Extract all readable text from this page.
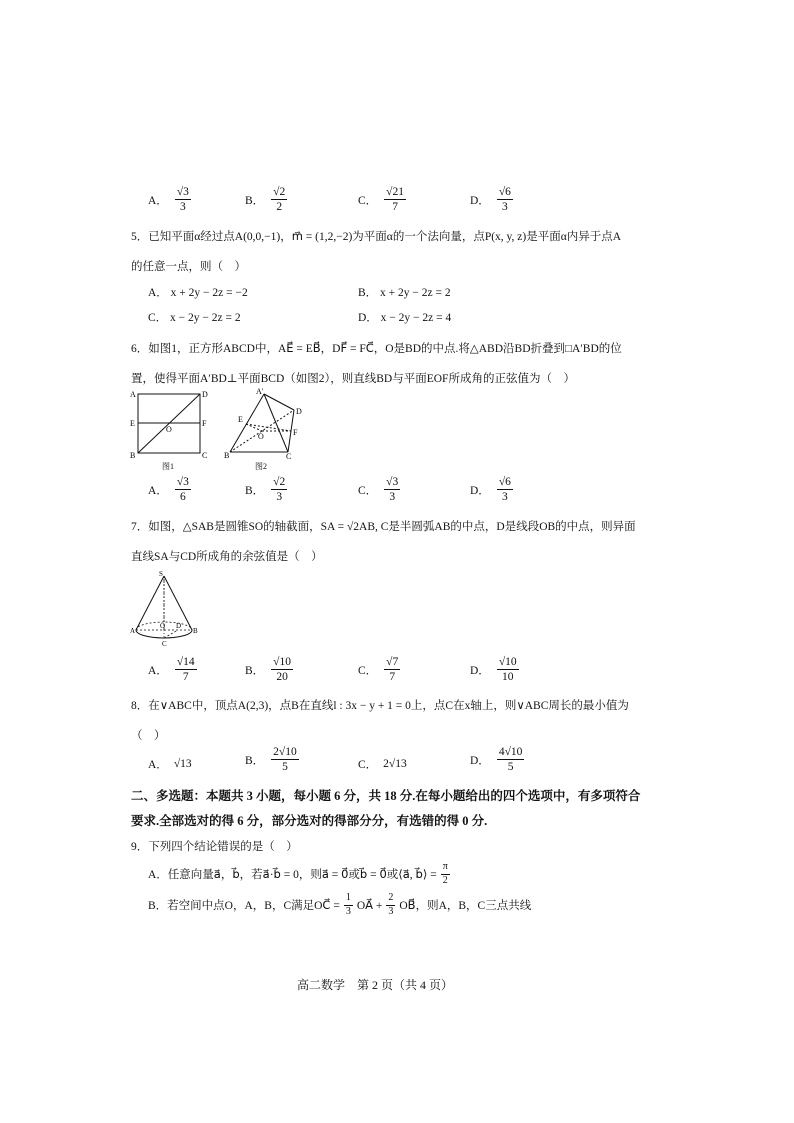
A． $\frac{√3}{3}$	B． $\frac{√2}{2}$	C． $\frac{√21}{7}$	D． $\frac{√6}{3}$
5．已知平面α经过点A(0,0,−1)，m⃗ = (1,2,−2)为平面α的一个法向量，点P(x, y, z)是平面α内异于点A
的任意一点，则（　）
A． x + 2y − 2z = −2	B． x + 2y − 2z = 2
C． x − 2y − 2z = 2	D． x − 2y − 2z = 4
6．如图1，正方形ABCD中，AE⃗ = EB⃗，DF⃗ = FC⃗，O是BD的中点.将△ABD沿BD折叠到□A′BD的位
置，使得平面A′BD⊥平面BCD（如图2），则直线BD与平面EOF所成角的正弦值为（　）
A	D
E	F
O
B	C
图1
A′
D
E
F
O
B	C
图2
A． $\frac{√3}{6}$	B． $\frac{√2}{3}$	C． $\frac{√3}{3}$	D． $\frac{√6}{3}$
7．如图，△SAB是圆锥SO的轴截面，SA = √2AB, C是半圆弧AB的中点，D是线段OB的中点，则异面
直线SA与CD所成角的余弦值是（　）
S
A	B
O D
C
A． $\frac{√14}{7}$	B． $\frac{√10}{20}$	C． $\frac{√7}{7}$	D． $\frac{√10}{10}$
8．在∨ABC中，顶点A(2,3)，点B在直线l : 3x − y + 1 = 0上，点C在x轴上，则∨ABC周长的最小值为
（　）
A． √13	B． $\frac{2√10}{5}$	C． 2√13	D． $\frac{4√10}{5}$
二、多选题：本题共 3 小题，每小题 6 分，共 18 分.在每小题给出的四个选项中，有多项符合
要求.全部选对的得 6 分，部分选对的得部分分，有选错的得 0 分.
9．下列四个结论错误的是（　）
A．任意向量a⃗，b⃗，若a⃗·b⃗ = 0，则a⃗ = 0⃗或b⃗ = 0⃗或⟨a⃗, b⃗⟩ = $\frac{\pi}{2}$
B．若空间中点O，A，B，C满足OC⃗ = $\frac{1}{3}$ OA⃗ + $\frac{2}{3}$ OB⃗，则A，B，C三点共线
高二数学　第 2 页（共 4 页）
